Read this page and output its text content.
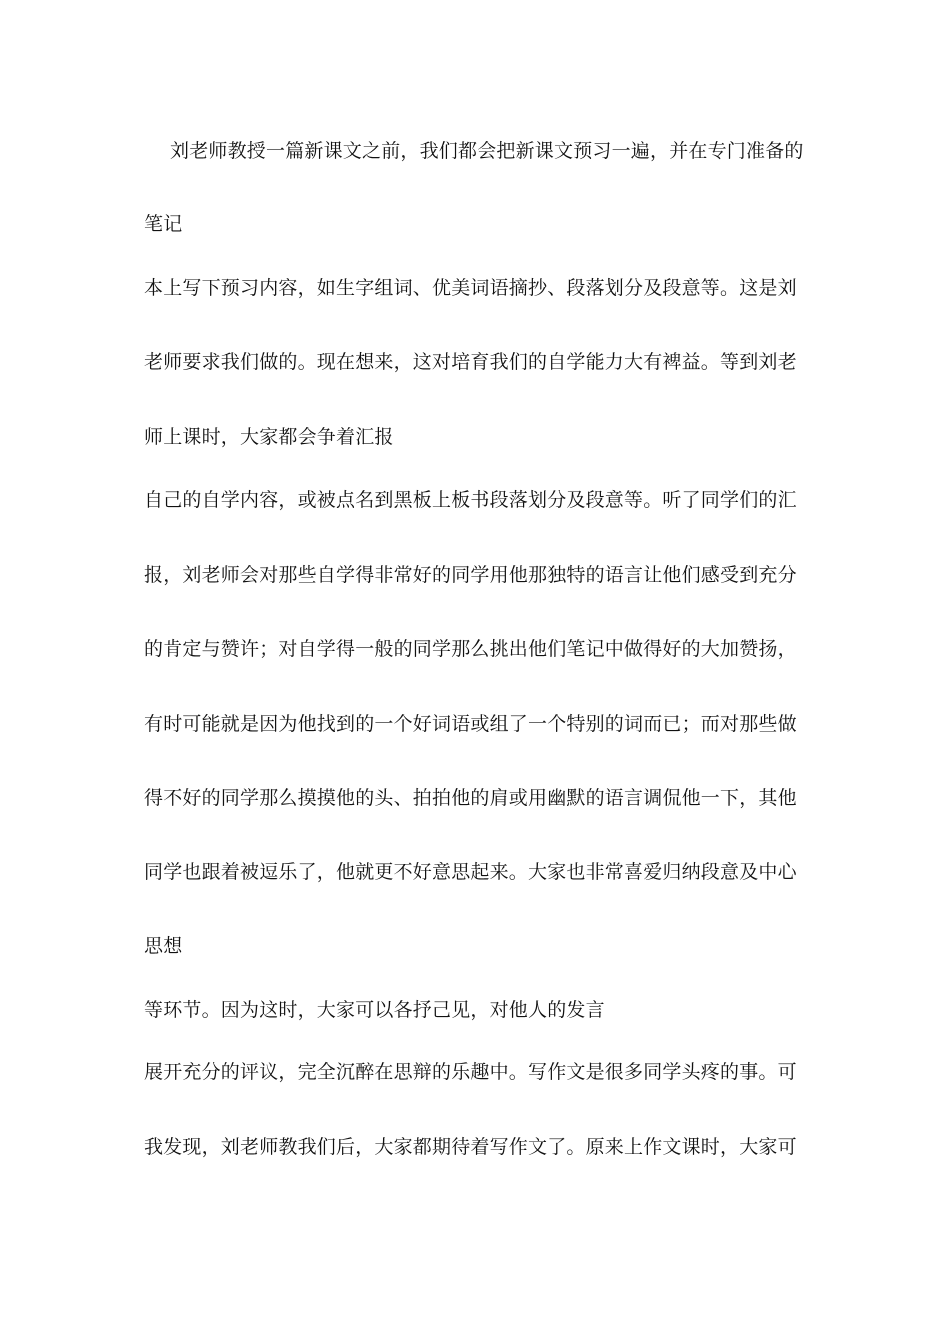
刘老师教授一篇新课文之前，我们都会把新课文预习一遍，并在专门准备的
笔记
本上写下预习内容，如生字组词、优美词语摘抄、段落划分及段意等。这是刘
老师要求我们做的。现在想来，这对培育我们的自学能力大有裨益。等到刘老
师上课时，大家都会争着汇报
自己的自学内容，或被点名到黑板上板书段落划分及段意等。听了同学们的汇
报，刘老师会对那些自学得非常好的同学用他那独特的语言让他们感受到充分
的肯定与赞许；对自学得一般的同学那么挑出他们笔记中做得好的大加赞扬，
有时可能就是因为他找到的一个好词语或组了一个特别的词而已；而对那些做
得不好的同学那么摸摸他的头、拍拍他的肩或用幽默的语言调侃他一下，其他
同学也跟着被逗乐了，他就更不好意思起来。大家也非常喜爱归纳段意及中心
思想
等环节。因为这时，大家可以各抒己见，对他人的发言
展开充分的评议，完全沉醉在思辩的乐趣中。写作文是很多同学头疼的事。可
我发现，刘老师教我们后，大家都期待着写作文了。原来上作文课时，大家可
